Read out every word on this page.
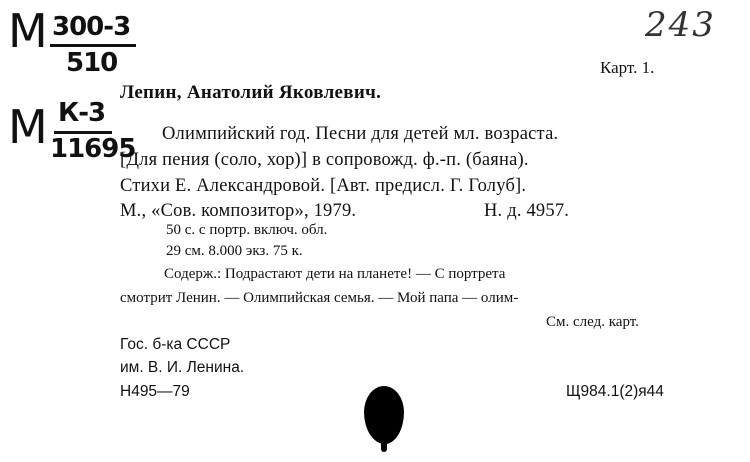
М 300-3
510
М К-3
11695
243
Карт. 1.
Лепин, Анатолий Яковлевич.
Олимпийский год. Песни для детей мл. возраста.
[Для пения (соло, хор)] в сопровожд. ф.-п. (баяна).
Стихи Е. Александровой. [Авт. предисл. Г. Голуб].
М., «Сов. композитор», 1979.	Н. д. 4957.
50 с. с портр. включ. обл.
29 см. 8.000 экз. 75 к.
Содерж.: Подрастают дети на планете! — С портрета
смотрит Ленин. — Олимпийская семья. — Мой папа — олим-
См. след. карт.
Гос. б-ка СССР
им. В. И. Ленина.
Н495—79	Щ984.1(2)я44
